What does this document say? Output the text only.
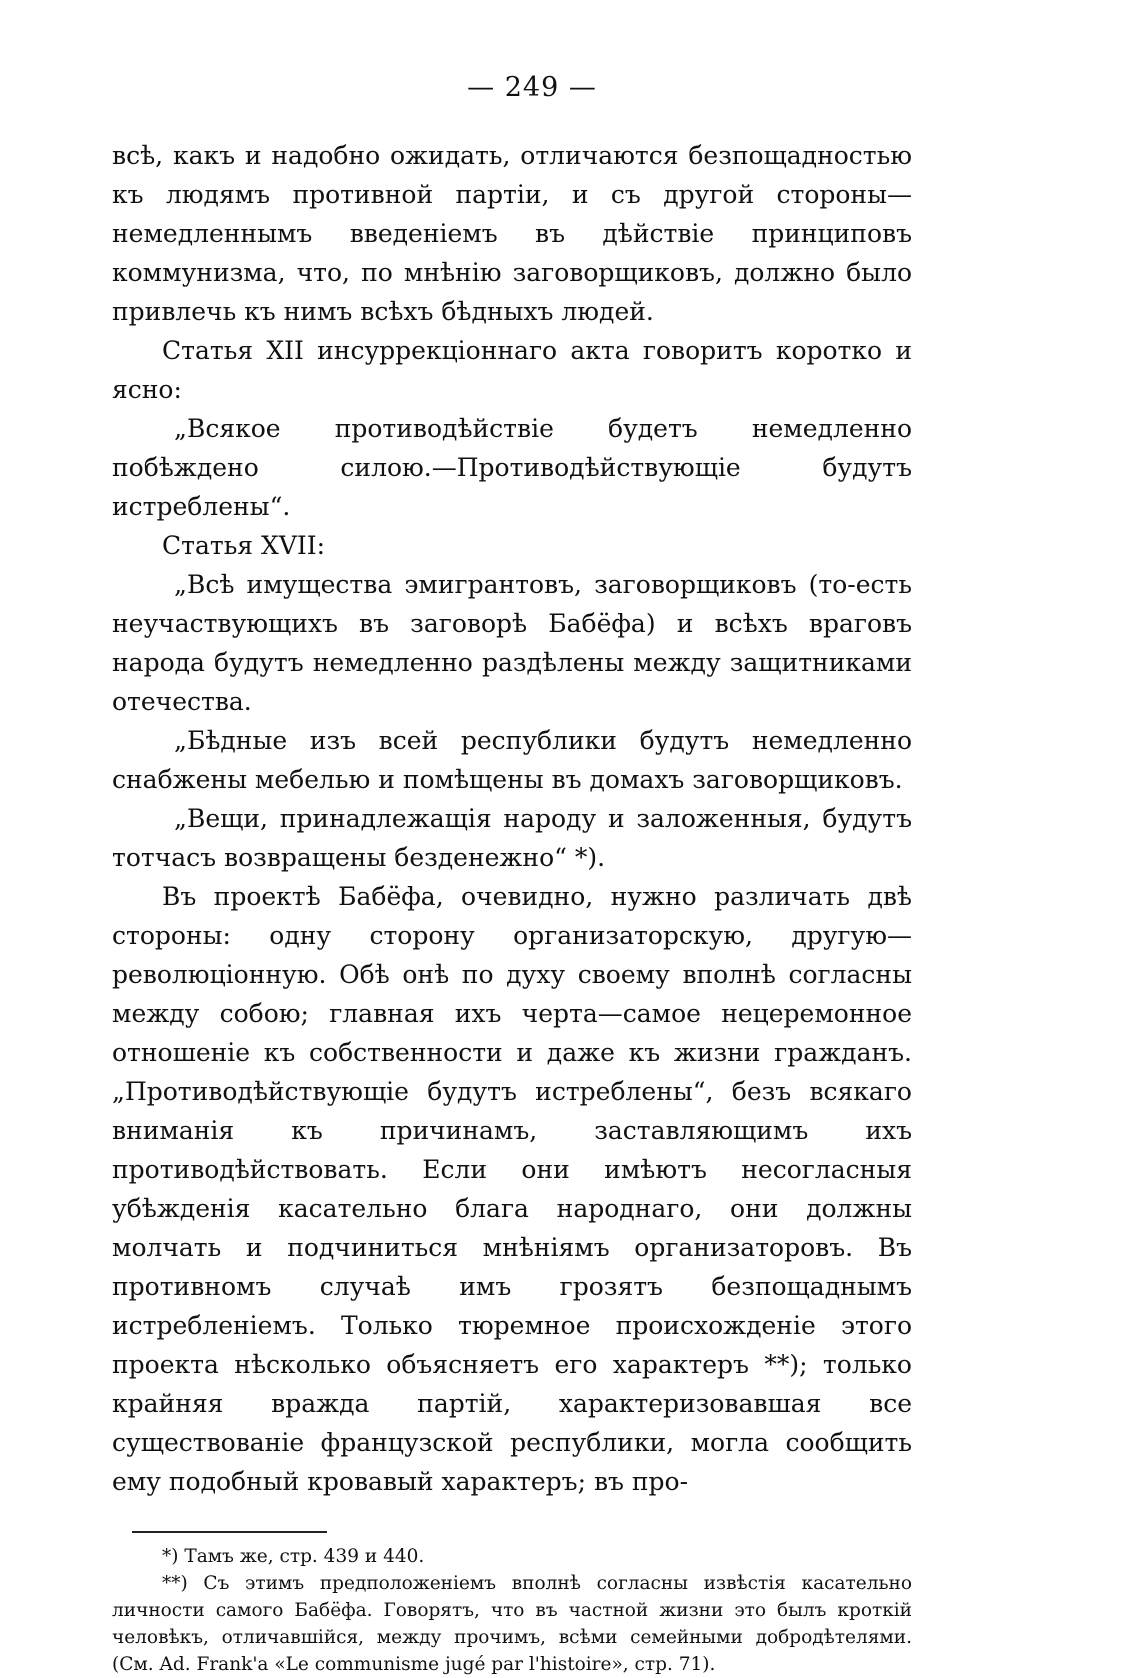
— 249 —

всѣ, какъ и надобно ожидать, отличаются безпощадностью къ людямъ противной партіи, и съ другой стороны—немедленнымъ введеніемъ въ дѣйствіе принциповъ коммунизма, что, по мнѣнію заговорщиковъ, должно было привлечь къ нимъ всѣхъ бѣдныхъ людей.

Статья XII инсуррекціоннаго акта говоритъ коротко и ясно:

„Всякое противодѣйствіе будетъ немедленно побѣждено силою.—Противодѣйствующіе будутъ истреблены“.

Статья XVII:

„Всѣ имущества эмигрантовъ, заговорщиковъ (то-есть неучаствующихъ въ заговорѣ Бабёфа) и всѣхъ враговъ народа будутъ немедленно раздѣлены между защитниками отечества.

„Бѣдные изъ всей республики будутъ немедленно снабжены мебелью и помѣщены въ домахъ заговорщиковъ.

„Вещи, принадлежащія народу и заложенныя, будутъ тотчасъ возвращены безденежно“ *).

Въ проектѣ Бабёфа, очевидно, нужно различать двѣ стороны: одну сторону организаторскую, другую—революціонную. Обѣ онѣ по духу своему вполнѣ согласны между собою; главная ихъ черта—самое нецеремонное отношеніе къ собственности и даже къ жизни гражданъ. „Противодѣйствующіе будутъ истреблены“, безъ всякаго вниманія къ причинамъ, заставляющимъ ихъ противодѣйствовать. Если они имѣютъ несогласныя убѣжденія касательно блага народнаго, они должны молчать и подчиниться мнѣніямъ организаторовъ. Въ противномъ случаѣ имъ грозятъ безпощаднымъ истребленіемъ. Только тюремное происхожденіе этого проекта нѣсколько объясняетъ его характеръ **); только крайняя вражда партій, характеризовавшая все существованіе французской республики, могла сообщить ему подобный кровавый характеръ; въ про-

*) Тамъ же, стр. 439 и 440.

**) Съ этимъ предположеніемъ вполнѣ согласны извѣстія касательно личности самого Бабёфа. Говорятъ, что въ частной жизни это былъ кроткій человѣкъ, отличавшійся, между прочимъ, всѣми семейными добродѣтелями. (См. Ad. Frank'a «Le communisme jugé par l'histoire», стр. 71).
